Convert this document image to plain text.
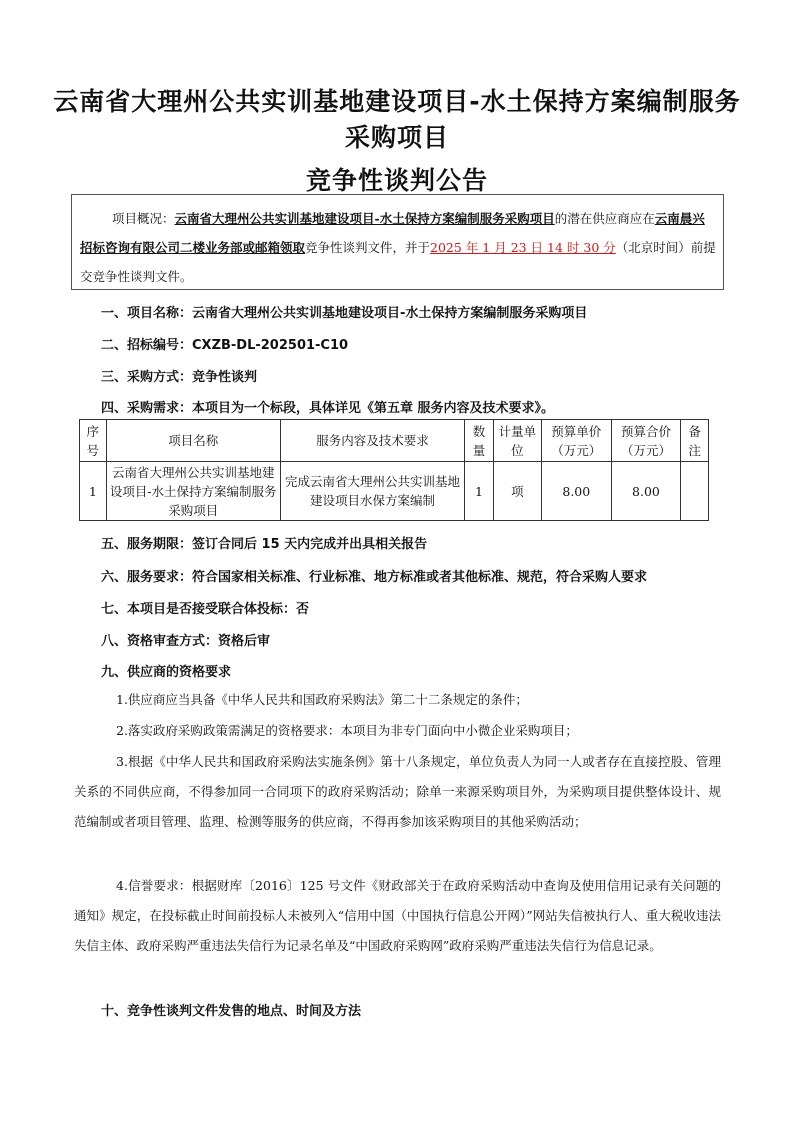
云南省大理州公共实训基地建设项目-水土保持方案编制服务
采购项目
竞争性谈判公告
项目概况：云南省大理州公共实训基地建设项目-水土保持方案编制服务采购项目的潜在供应商应在云南晨兴招标咨询有限公司二楼业务部或邮箱领取竞争性谈判文件，并于2025 年 1 月 23 日 14 时 30 分（北京时间）前提交竞争性谈判文件。
一、项目名称：云南省大理州公共实训基地建设项目-水土保持方案编制服务采购项目
二、招标编号：CXZB-DL-202501-C10
三、采购方式：竞争性谈判
四、采购需求：本项目为一个标段，具体详见《第五章 服务内容及技术要求》。
序号	项目名称	服务内容及技术要求	数量	计量单位	预算单价（万元）	预算合价（万元）	备注
1	云南省大理州公共实训基地建设项目-水土保持方案编制服务采购项目	完成云南省大理州公共实训基地建设项目水保方案编制	1	项	8.00	8.00	
五、服务期限：签订合同后 15 天内完成并出具相关报告
六、服务要求：符合国家相关标准、行业标准、地方标准或者其他标准、规范，符合采购人要求
七、本项目是否接受联合体投标：否
八、资格审查方式：资格后审
九、供应商的资格要求
1.供应商应当具备《中华人民共和国政府采购法》第二十二条规定的条件；
2.落实政府采购政策需满足的资格要求：本项目为非专门面向中小微企业采购项目；
3.根据《中华人民共和国政府采购法实施条例》第十八条规定，单位负责人为同一人或者存在直接控股、管理关系的不同供应商，不得参加同一合同项下的政府采购活动；除单一来源采购项目外，为采购项目提供整体设计、规范编制或者项目管理、监理、检测等服务的供应商，不得再参加该采购项目的其他采购活动；
4.信誉要求：根据财库〔2016〕125 号文件《财政部关于在政府采购活动中查询及使用信用记录有关问题的通知》规定，在投标截止时间前投标人未被列入“信用中国（中国执行信息公开网）”网站失信被执行人、重大税收违法失信主体、政府采购严重违法失信行为记录名单及“中国政府采购网”政府采购严重违法失信行为信息记录。
十、竞争性谈判文件发售的地点、时间及方法
